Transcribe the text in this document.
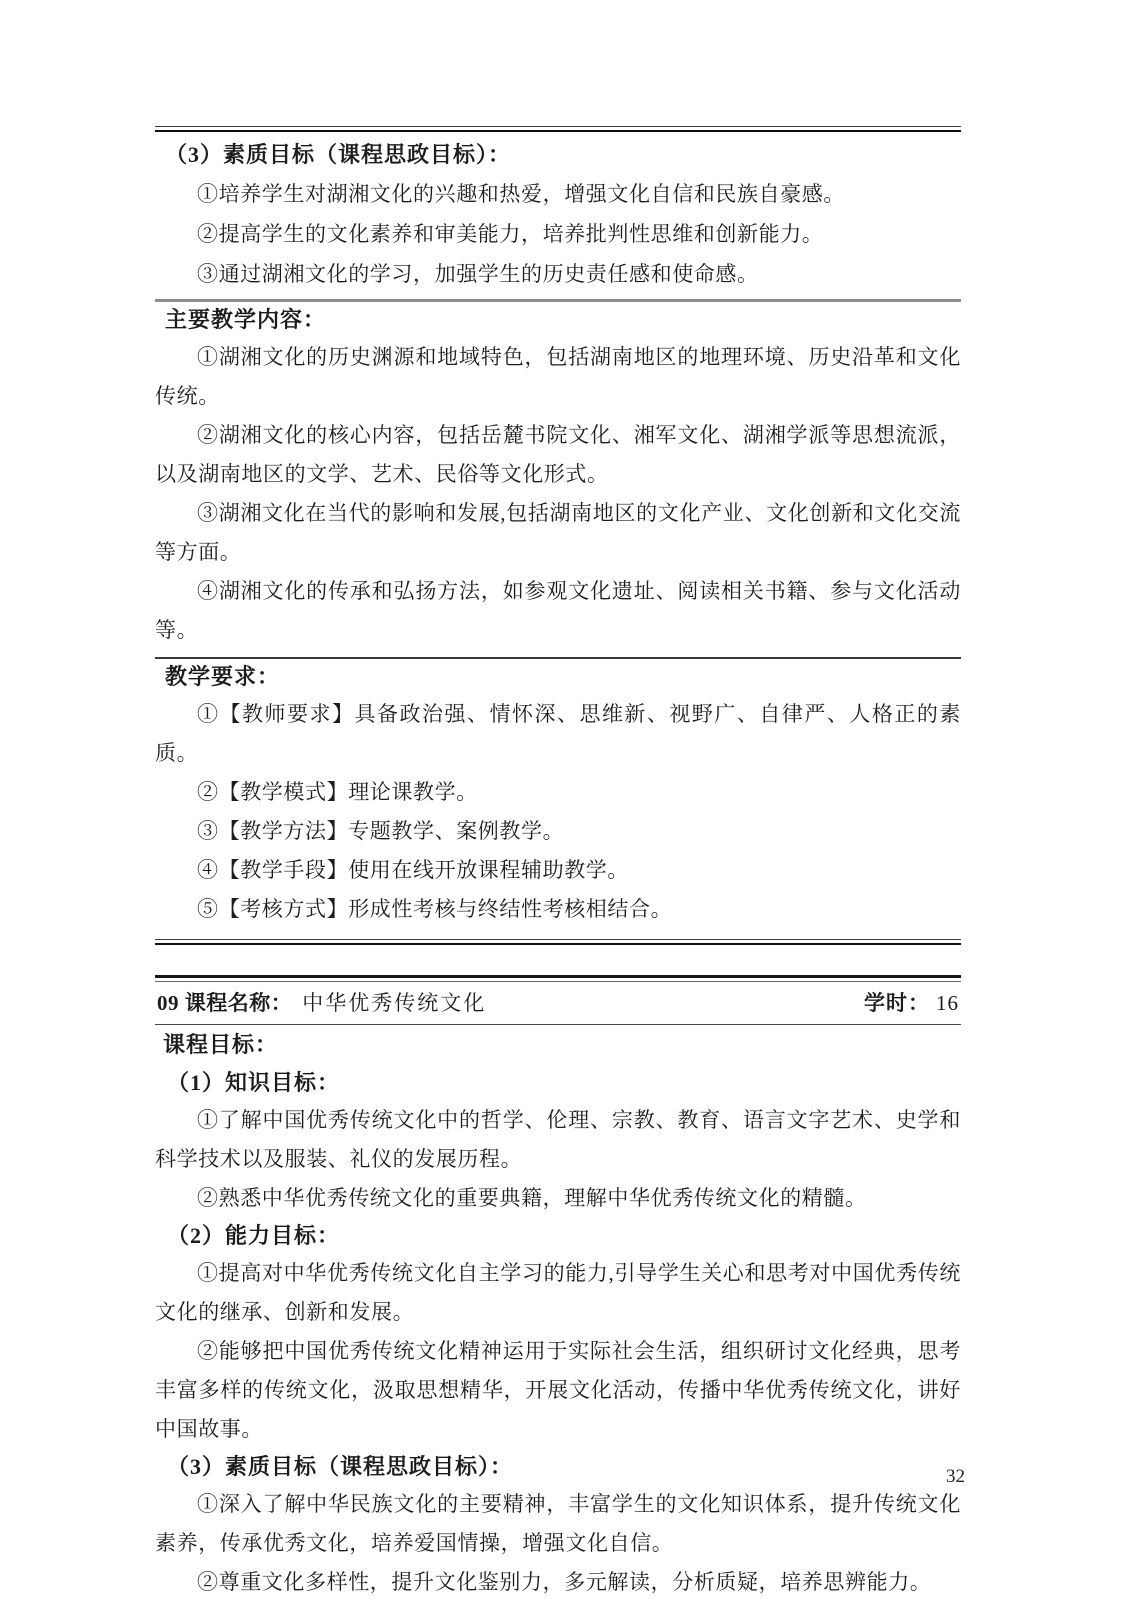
（3）素质目标（课程思政目标）：

①培养学生对湖湘文化的兴趣和热爱，增强文化自信和民族自豪感。

②提高学生的文化素养和审美能力，培养批判性思维和创新能力。

③通过湖湘文化的学习，加强学生的历史责任感和使命感。

主要教学内容：

①湖湘文化的历史渊源和地域特色，包括湖南地区的地理环境、历史沿革和文化传统。

②湖湘文化的核心内容，包括岳麓书院文化、湘军文化、湖湘学派等思想流派，以及湖南地区的文学、艺术、民俗等文化形式。

③湖湘文化在当代的影响和发展,包括湖南地区的文化产业、文化创新和文化交流等方面。

④湖湘文化的传承和弘扬方法，如参观文化遗址、阅读相关书籍、参与文化活动等。

教学要求：

①【教师要求】具备政治强、情怀深、思维新、视野广、自律严、人格正的素质。

②【教学模式】理论课教学。

③【教学方法】专题教学、案例教学。

④【教学手段】使用在线开放课程辅助教学。

⑤【考核方式】形成性考核与终结性考核相结合。

09 课程名称： 中华优秀传统文化	学时： 16
课程目标：
（1）知识目标：

①了解中国优秀传统文化中的哲学、伦理、宗教、教育、语言文字艺术、史学和科学技术以及服装、礼仪的发展历程。

②熟悉中华优秀传统文化的重要典籍，理解中华优秀传统文化的精髓。

（2）能力目标：

①提高对中华优秀传统文化自主学习的能力,引导学生关心和思考对中国优秀传统文化的继承、创新和发展。

②能够把中国优秀传统文化精神运用于实际社会生活，组织研讨文化经典，思考丰富多样的传统文化，汲取思想精华，开展文化活动，传播中华优秀传统文化，讲好中国故事。

（3）素质目标（课程思政目标）：

①深入了解中华民族文化的主要精神，丰富学生的文化知识体系，提升传统文化素养，传承优秀文化，培养爱国情操，增强文化自信。

②尊重文化多样性，提升文化鉴别力，多元解读，分析质疑，培养思辨能力。

32
